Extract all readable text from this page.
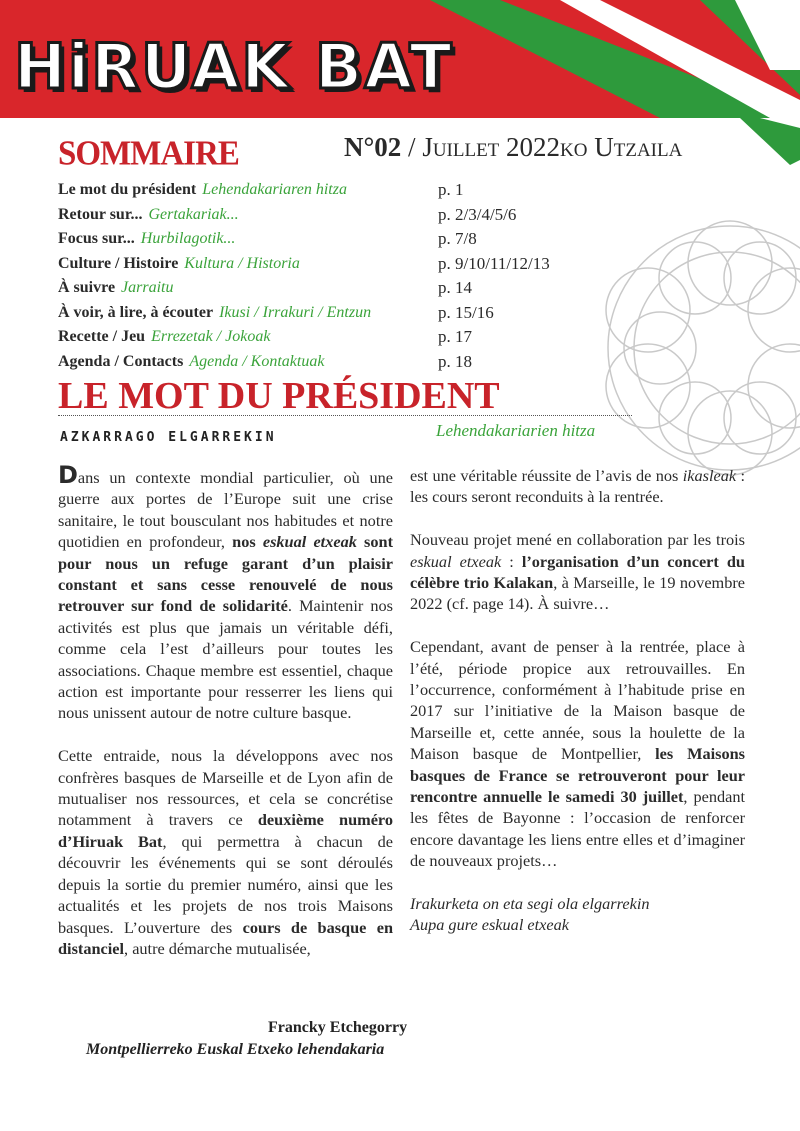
HiRUAK BAT
SOMMAIRE	N°02 / Juillet 2022ko Utzaila
Le mot du président Lehendakariaren hitza	p. 1
Retour sur... Gertakariak...	p. 2/3/4/5/6
Focus sur... Hurbilagotik...	p. 7/8
Culture / Histoire Kultura / Historia	p. 9/10/11/12/13
À suivre Jarraitu	p. 14
À voir, à lire, à écouter Ikusi / Irrakuri / Entzun	p. 15/16
Recette / Jeu Errezetak / Jokoak	p. 17
Agenda / Contacts Agenda / Kontaktuak	p. 18
LE MOT DU PRÉSIDENT
AZKARRAGO ELGARREKIN	Lehendakariarien hitza

Dans un contexte mondial particulier, où une guerre aux portes de l’Europe suit une crise sanitaire, le tout bousculant nos habitudes et notre quotidien en profondeur, nos eskual etxeak sont pour nous un refuge garant d’un plaisir constant et sans cesse renouvelé de nous retrouver sur fond de solidarité. Maintenir nos activités est plus que jamais un véritable défi, comme cela l’est d’ailleurs pour toutes les associations. Chaque membre est essentiel, chaque action est importante pour resserrer les liens qui nous unissent autour de notre culture basque.

Cette entraide, nous la développons avec nos confrères basques de Marseille et de Lyon afin de mutualiser nos ressources, et cela se concrétise notamment à travers ce deuxième numéro d’Hiruak Bat, qui permettra à chacun de découvrir les événements qui se sont déroulés depuis la sortie du premier numéro, ainsi que les actualités et les projets de nos trois Maisons basques. L’ouverture des cours de basque en distanciel, autre démarche mutualisée,

est une véritable réussite de l’avis de nos ikasleak : les cours seront reconduits à la rentrée.

Nouveau projet mené en collaboration par les trois eskual etxeak : l’organisation d’un concert du célèbre trio Kalakan, à Marseille, le 19 novembre 2022 (cf. page 14). À suivre…

Cependant, avant de penser à la rentrée, place à l’été, période propice aux retrouvailles. En l’occurrence, conformément à l’habitude prise en 2017 sur l’initiative de la Maison basque de Marseille et, cette année, sous la houlette de la Maison basque de Montpellier, les Maisons basques de France se retrouveront pour leur rencontre annuelle le samedi 30 juillet, pendant les fêtes de Bayonne : l’occasion de renforcer encore davantage les liens entre elles et d’imaginer de nouveaux projets…

Irakurketa on eta segi ola elgarrekin
Aupa gure eskual etxeak

Francky Etchegorry
Montpellierreko Euskal Etxeko lehendakaria
